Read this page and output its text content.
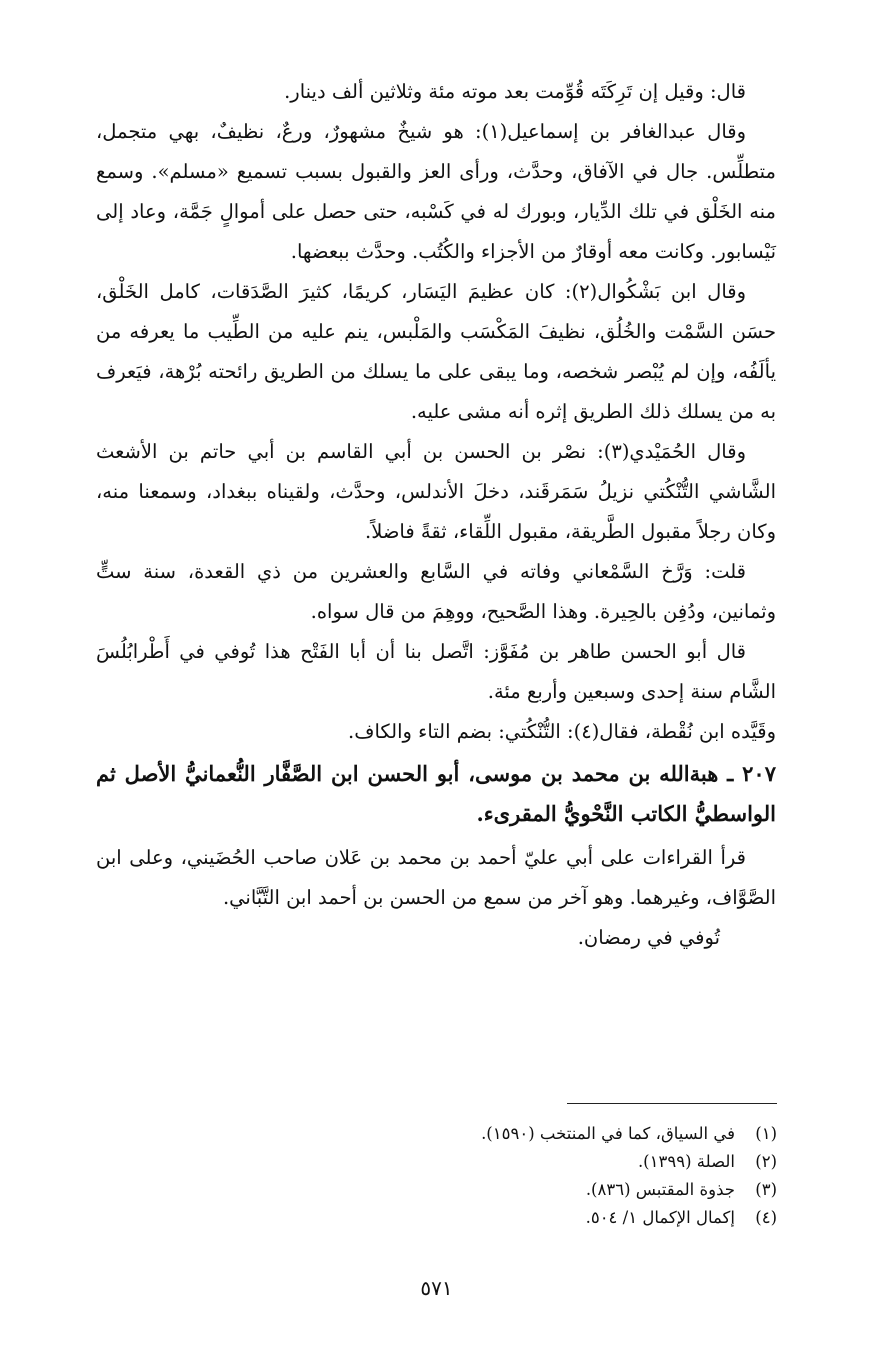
قال: وقيل إن تَرِكَتَه قُوِّمت بعد موته مئة وثلاثين ألف دينار.

وقال عبدالغافر بن إسماعيل(١): هو شيخٌ مشهورٌ، ورعٌ، نظيفٌ، بهي متجمل، متطلِّس. جال في الآفاق، وحدَّث، ورأى العز والقبول بسبب تسميع «مسلم». وسمع منه الخَلْق في تلك الدِّيار، وبورك له في كَسْبه، حتى حصل على أموالٍ جَمَّة، وعاد إلى نَيْسابور. وكانت معه أوقارٌ من الأجزاء والكُتُب. وحدَّث ببعضها.

وقال ابن بَشْكُوال(٢): كان عظيمَ اليَسَار، كريمًا، كثيرَ الصَّدَقات، كامل الخَلْق، حسَن السَّمْت والخُلُق، نظيفَ المَكْسَب والمَلْبس، ينم عليه من الطِّيب ما يعرفه من يألَفُه، وإن لم يُبْصر شخصه، وما يبقى على ما يسلك من الطريق رائحته بُرْهة، فيَعرف به من يسلك ذلك الطريق إثره أنه مشى عليه.

وقال الحُمَيْدي(٣): نصْر بن الحسن بن أبي القاسم بن أبي حاتم بن الأشعث الشَّاشي التُّنْكُتي نزيلُ سَمَرقَند، دخلَ الأندلس، وحدَّث، ولقيناه ببغداد، وسمعنا منه، وكان رجلاً مقبول الطَّريقة، مقبول اللِّقاء، ثقةً فاضلاً.

قلت: وَرَّخ السَّمْعاني وفاته في السَّابع والعشرين من ذي القعدة، سنة ستٍّ وثمانين، ودُفِن بالحِيرة. وهذا الصَّحيح، ووهِمَ من قال سواه.

قال أبو الحسن طاهر بن مُفَوَّز: اتَّصل بنا أن أبا الفَتْح هذا تُوفي في أَطْرابُلُسَ الشَّام سنة إحدى وسبعين وأربع مئة.

وقَيَّده ابن نُقْطة، فقال(٤): التُّنْكُتي: بضم التاء والكاف.

٢٠٧ ـ هبةالله بن محمد بن موسى، أبو الحسن ابن الصَّفَّار النُّعمانيُّ الأصل ثم الواسطيُّ الكاتب النَّحْويُّ المقرىء.

قرأ القراءات على أبي عليّ أحمد بن محمد بن عَلان صاحب الحُضَيني، وعلى ابن الصَّوَّاف، وغيرهما. وهو آخر من سمع من الحسن بن أحمد ابن التَّبَّاني.

تُوفي في رمضان.

(١)في السياق، كما في المنتخب (١٥٩٠).

(٢)الصلة (١٣٩٩).

(٣)جذوة المقتبس (٨٣٦).

(٤)إكمال الإكمال ١/ ٥٠٤.

٥٧١
